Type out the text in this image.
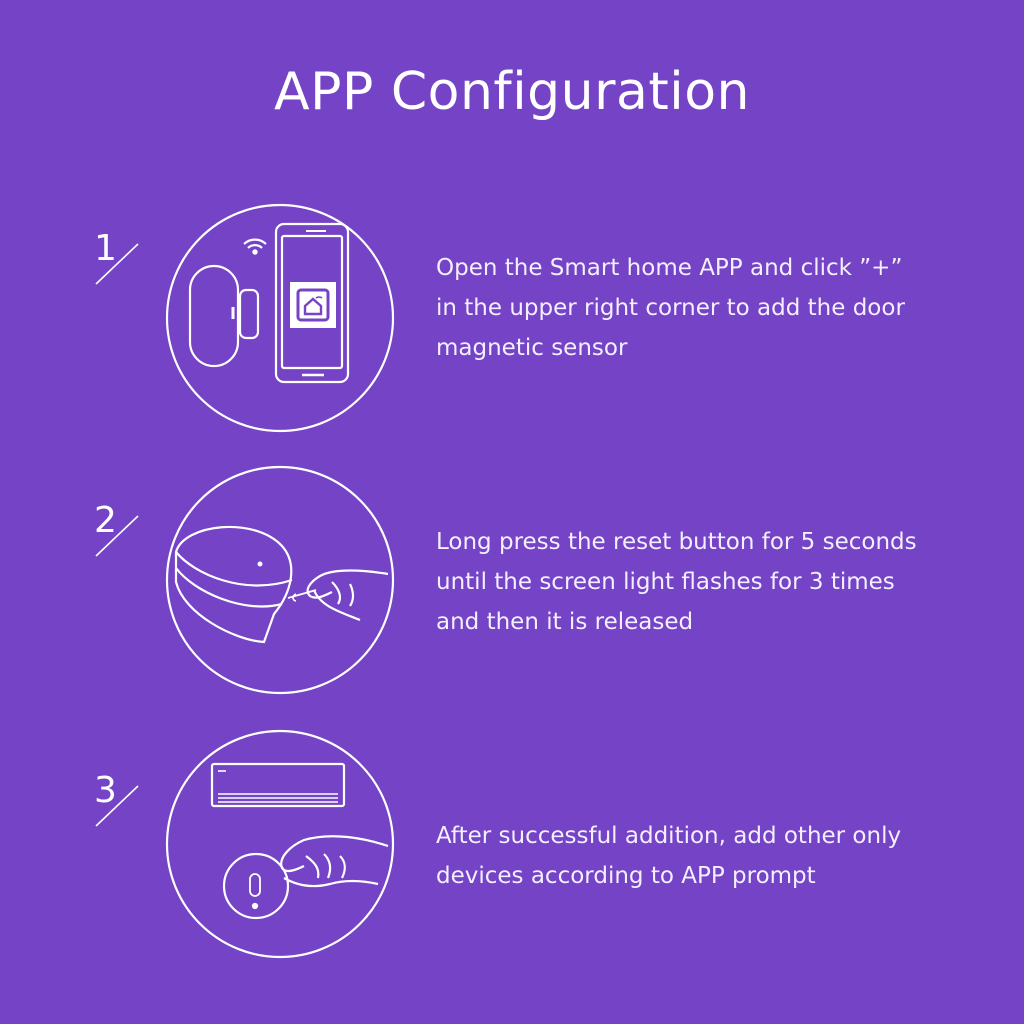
APP Configuration
1	Open the Smart home APP and click ”+”
in the upper right corner to add the door
magnetic sensor

2

Long press the reset button for 5 seconds
until the screen light flashes for 3 times
and then it is released

3

After successful addition, add other only
devices according to APP prompt
